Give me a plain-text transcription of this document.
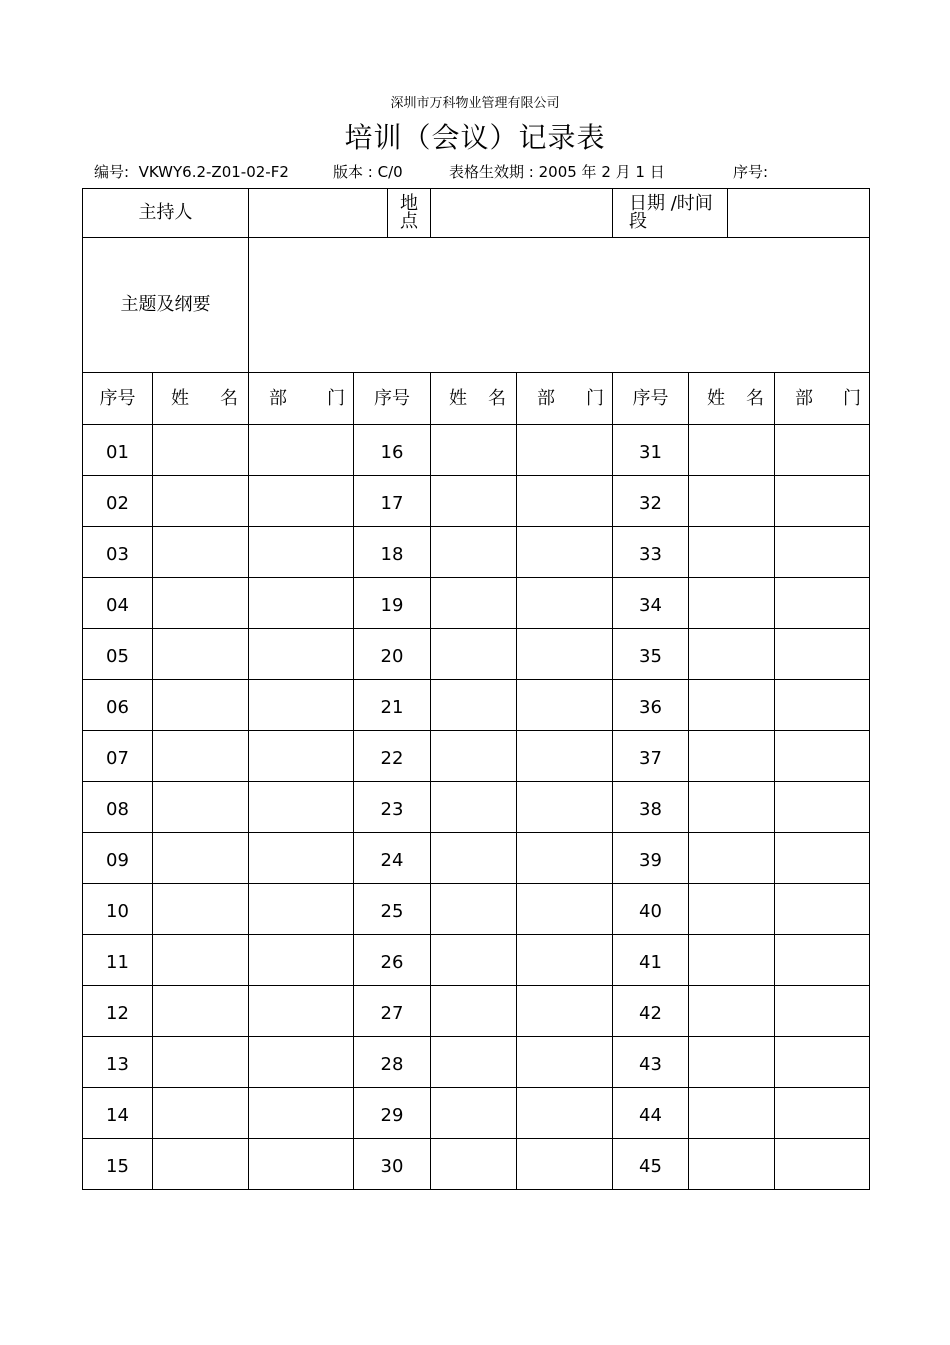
深圳市万科物业管理有限公司
培训（会议）记录表
编号: VKWY6.2-Z01-02-F2	版本 : C/0	表格生效期 : 2005 年 2 月 1 日	序号:
主持人				地点			日期 /时间段			
主题及纲要										
序号	姓 名	部 门	序号		姓 名	部 门	序号	姓 名		部 门

01			16				31			
02			17				32			
03			18				33			
04			19				34			
05			20				35			
06			21				36			
07			22				37			
08			23				38			
09			24				39			
10			25				40			
11			26				41			
12			27				42			
13			28				43			
14			29				44			
15			30				45			
